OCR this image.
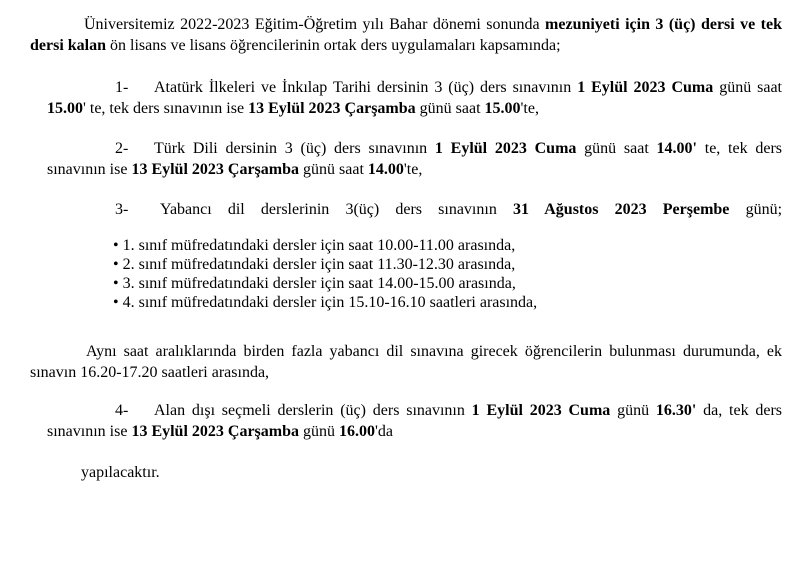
Üniversitemiz 2022-2023 Eğitim-Öğretim yılı Bahar dönemi sonunda mezuniyeti için 3 (üç) dersi ve tek dersi kalan ön lisans ve lisans öğrencilerinin ortak ders uygulamaları kapsamında;
1- Atatürk İlkeleri ve İnkılap Tarihi dersinin 3 (üç) ders sınavının 1 Eylül 2023 Cuma günü saat 15.00' te, tek ders sınavının ise 13 Eylül 2023 Çarşamba günü saat 15.00'te,
2- Türk Dili dersinin 3 (üç) ders sınavının 1 Eylül 2023 Cuma günü saat 14.00' te, tek ders sınavının ise 13 Eylül 2023 Çarşamba günü saat 14.00'te,
3- Yabancı dil derslerinin 3(üç) ders sınavının 31 Ağustos 2023 Perşembe günü;
• 1. sınıf müfredatındaki dersler için saat 10.00-11.00 arasında,
• 2. sınıf müfredatındaki dersler için saat 11.30-12.30 arasında,
• 3. sınıf müfredatındaki dersler için saat 14.00-15.00 arasında,
• 4. sınıf müfredatındaki dersler için 15.10-16.10 saatleri arasında,
Aynı saat aralıklarında birden fazla yabancı dil sınavına girecek öğrencilerin bulunması durumunda, ek sınavın 16.20-17.20 saatleri arasında,
4- Alan dışı seçmeli derslerin (üç) ders sınavının 1 Eylül 2023 Cuma günü 16.30' da, tek ders sınavının ise 13 Eylül 2023 Çarşamba günü 16.00'da
yapılacaktır.
